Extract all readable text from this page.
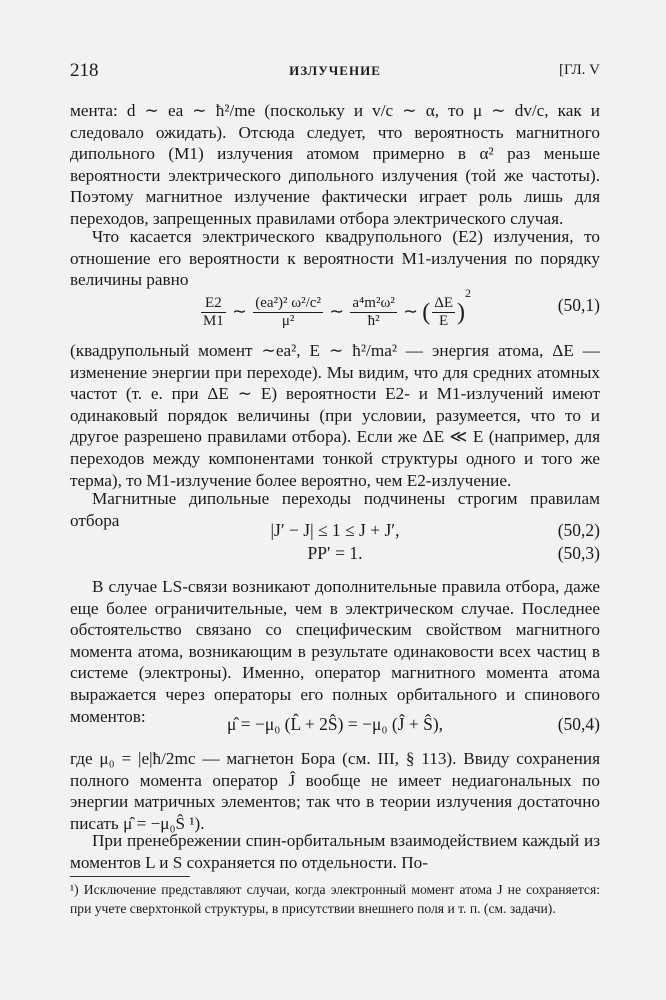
218	ИЗЛУЧЕНИЕ	[ГЛ. V
мента: d ∼ ea ∼ ħ²/me (поскольку и v/c ∼ α, то μ ∼ dv/c, как и следовало ожидать). Отсюда следует, что вероятность магнитного дипольного (M1) излучения атомом примерно в α² раз меньше вероятности электрического дипольного излучения (той же частоты). Поэтому магнитное излучение фактически играет роль лишь для переходов, запрещенных правилами отбора электрического случая.
Что касается электрического квадрупольного (E2) излучения, то отношение его вероятности к вероятности M1-излучения по порядку величины равно
$\frac{E2}{M1}$ ∼ $\frac{\text{(ea²)² ω²/c²}}{\text{μ²}}$ ∼ $\frac{\text{a⁴m²ω²}}{\text{ħ²}}$ ∼ ( $\frac{\Delta E}{E} )^2$
(50,1)
(квадрупольный момент ∼ea², E ∼ ħ²/ma² — энергия атома, ΔE — изменение энергии при переходе). Мы видим, что для средних атомных частот (т. е. при ΔE ∼ E) вероятности E2- и M1-излучений имеют одинаковый порядок величины (при условии, разумеется, что то и другое разрешено правилами отбора). Если же ΔE ≪ E (например, для переходов между компонентами тонкой структуры одного и того же терма), то M1-излучение более вероятно, чем E2-излучение.
Магнитные дипольные переходы подчинены строгим правилам отбора	|J′ − J| ≤ 1 ≤ J + J′,	(50,2)
PP′ = 1.	(50,3)
В случае LS-связи возникают дополнительные правила отбора, даже еще более ограничительные, чем в электрическом случае. Последнее обстоятельство связано со специфическим свойством магнитного момента атома, возникающим в результате одинаковости всех частиц в системе (электроны). Именно, оператор магнитного момента атома выражается через операторы его полных орбитального и спинового моментов:	μ̂ = −μ₀ (L̂ + 2Ŝ) = −μ₀ (Ĵ + Ŝ),	(50,4)
где μ₀ = |e|ħ/2mc — магнетон Бора (см. III, § 113). Ввиду сохранения полного момента оператор Ĵ вообще не имеет недиагональных по энергии матричных элементов; так что в теории излучения достаточно писать μ̂ = −μ₀Ŝ ¹).
При пренебрежении спин-орбитальным взаимодействием каждый из моментов L и S сохраняется по отдельности. По-
¹) Исключение представляют случаи, когда электронный момент атома J не сохраняется: при учете сверхтонкой структуры, в присутствии внешнего поля и т. п. (см. задачи).
